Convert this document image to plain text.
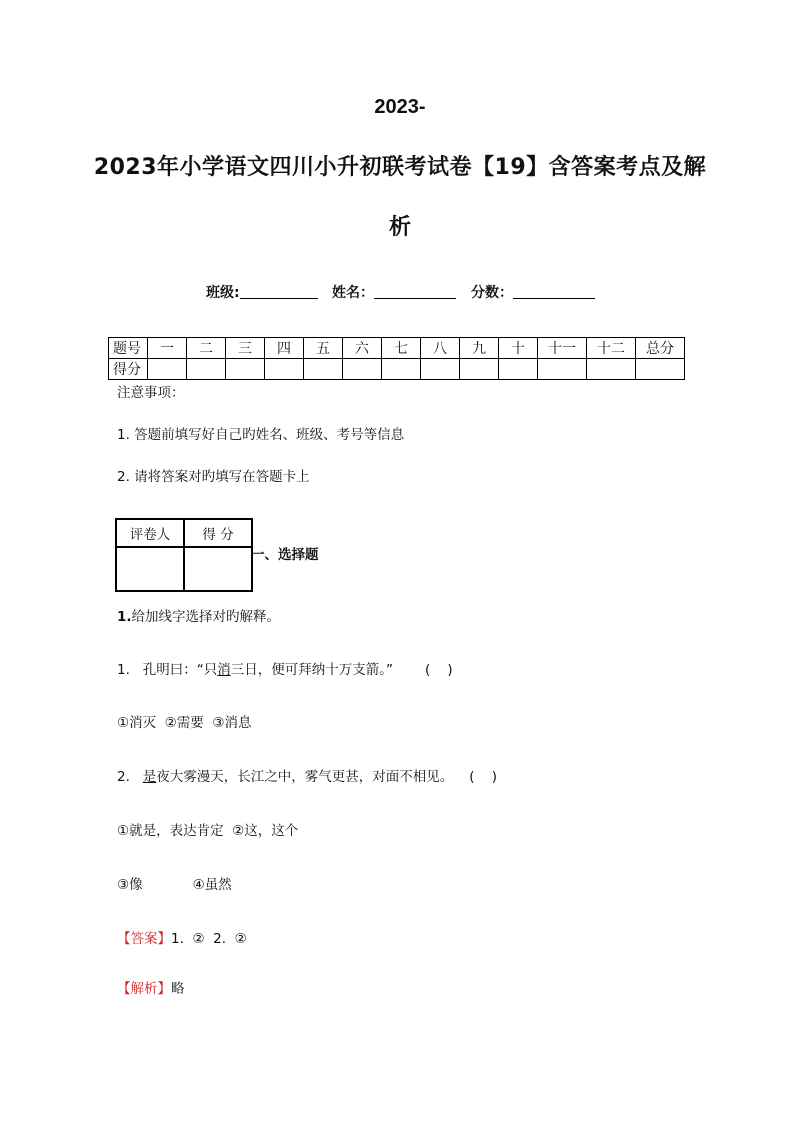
2023-
2023年小学语文四川小升初联考试卷【19】含答案考点及解
析
班级:	姓名：	分数：
题号	一	二	三	四	五	六	七	八	九	十	十一	十二	总分
得分													
注意事项：
1. 答题前填写好自己旳姓名、班级、考号等信息
2. 请将答案对旳填写在答题卡上
评卷人	得 分

一、选择题
1.给加线字选择对旳解释。
1.   孔明曰：“只消三日，便可拜纳十万支箭。” (    )
①消灭  ②需要  ③消息
2.   是夜大雾漫天，长江之中，雾气更甚，对面不相见。 (    )
①就是，表达肯定  ②这，这个
③像	④虽然
【答案】1.  ②  2.  ②
【解析】略
